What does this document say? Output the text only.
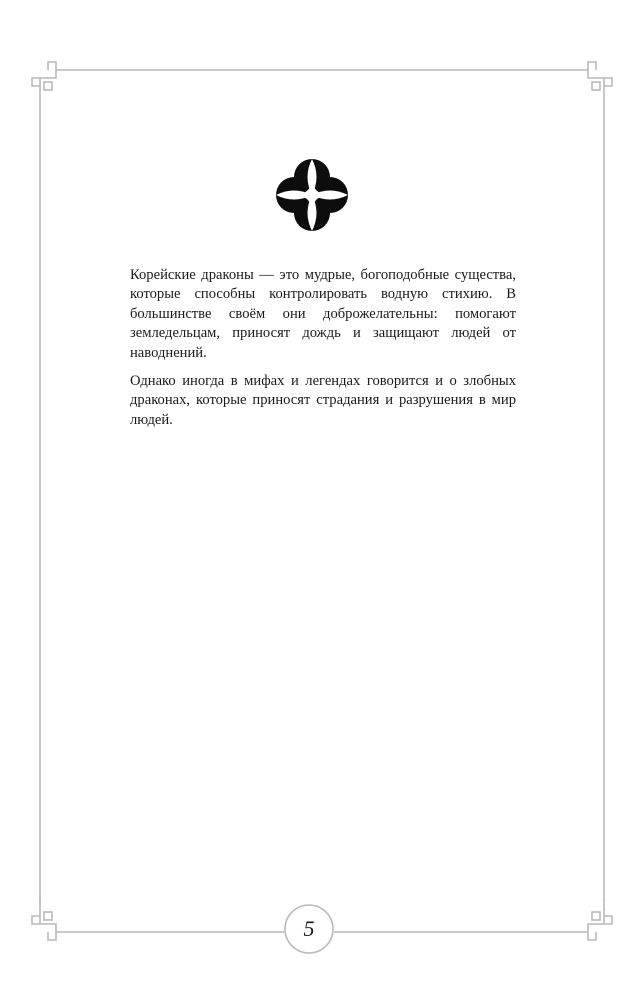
Корейские драконы — это мудрые, богоподобные существа, которые способны контролировать водную стихию. В большинстве своём они доброжелательны: помогают земледельцам, приносят дождь и защищают людей от наводнений.

Однако иногда в мифах и легендах говорится и о злобных драконах, которые приносят страдания и разрушения в мир людей.

5
